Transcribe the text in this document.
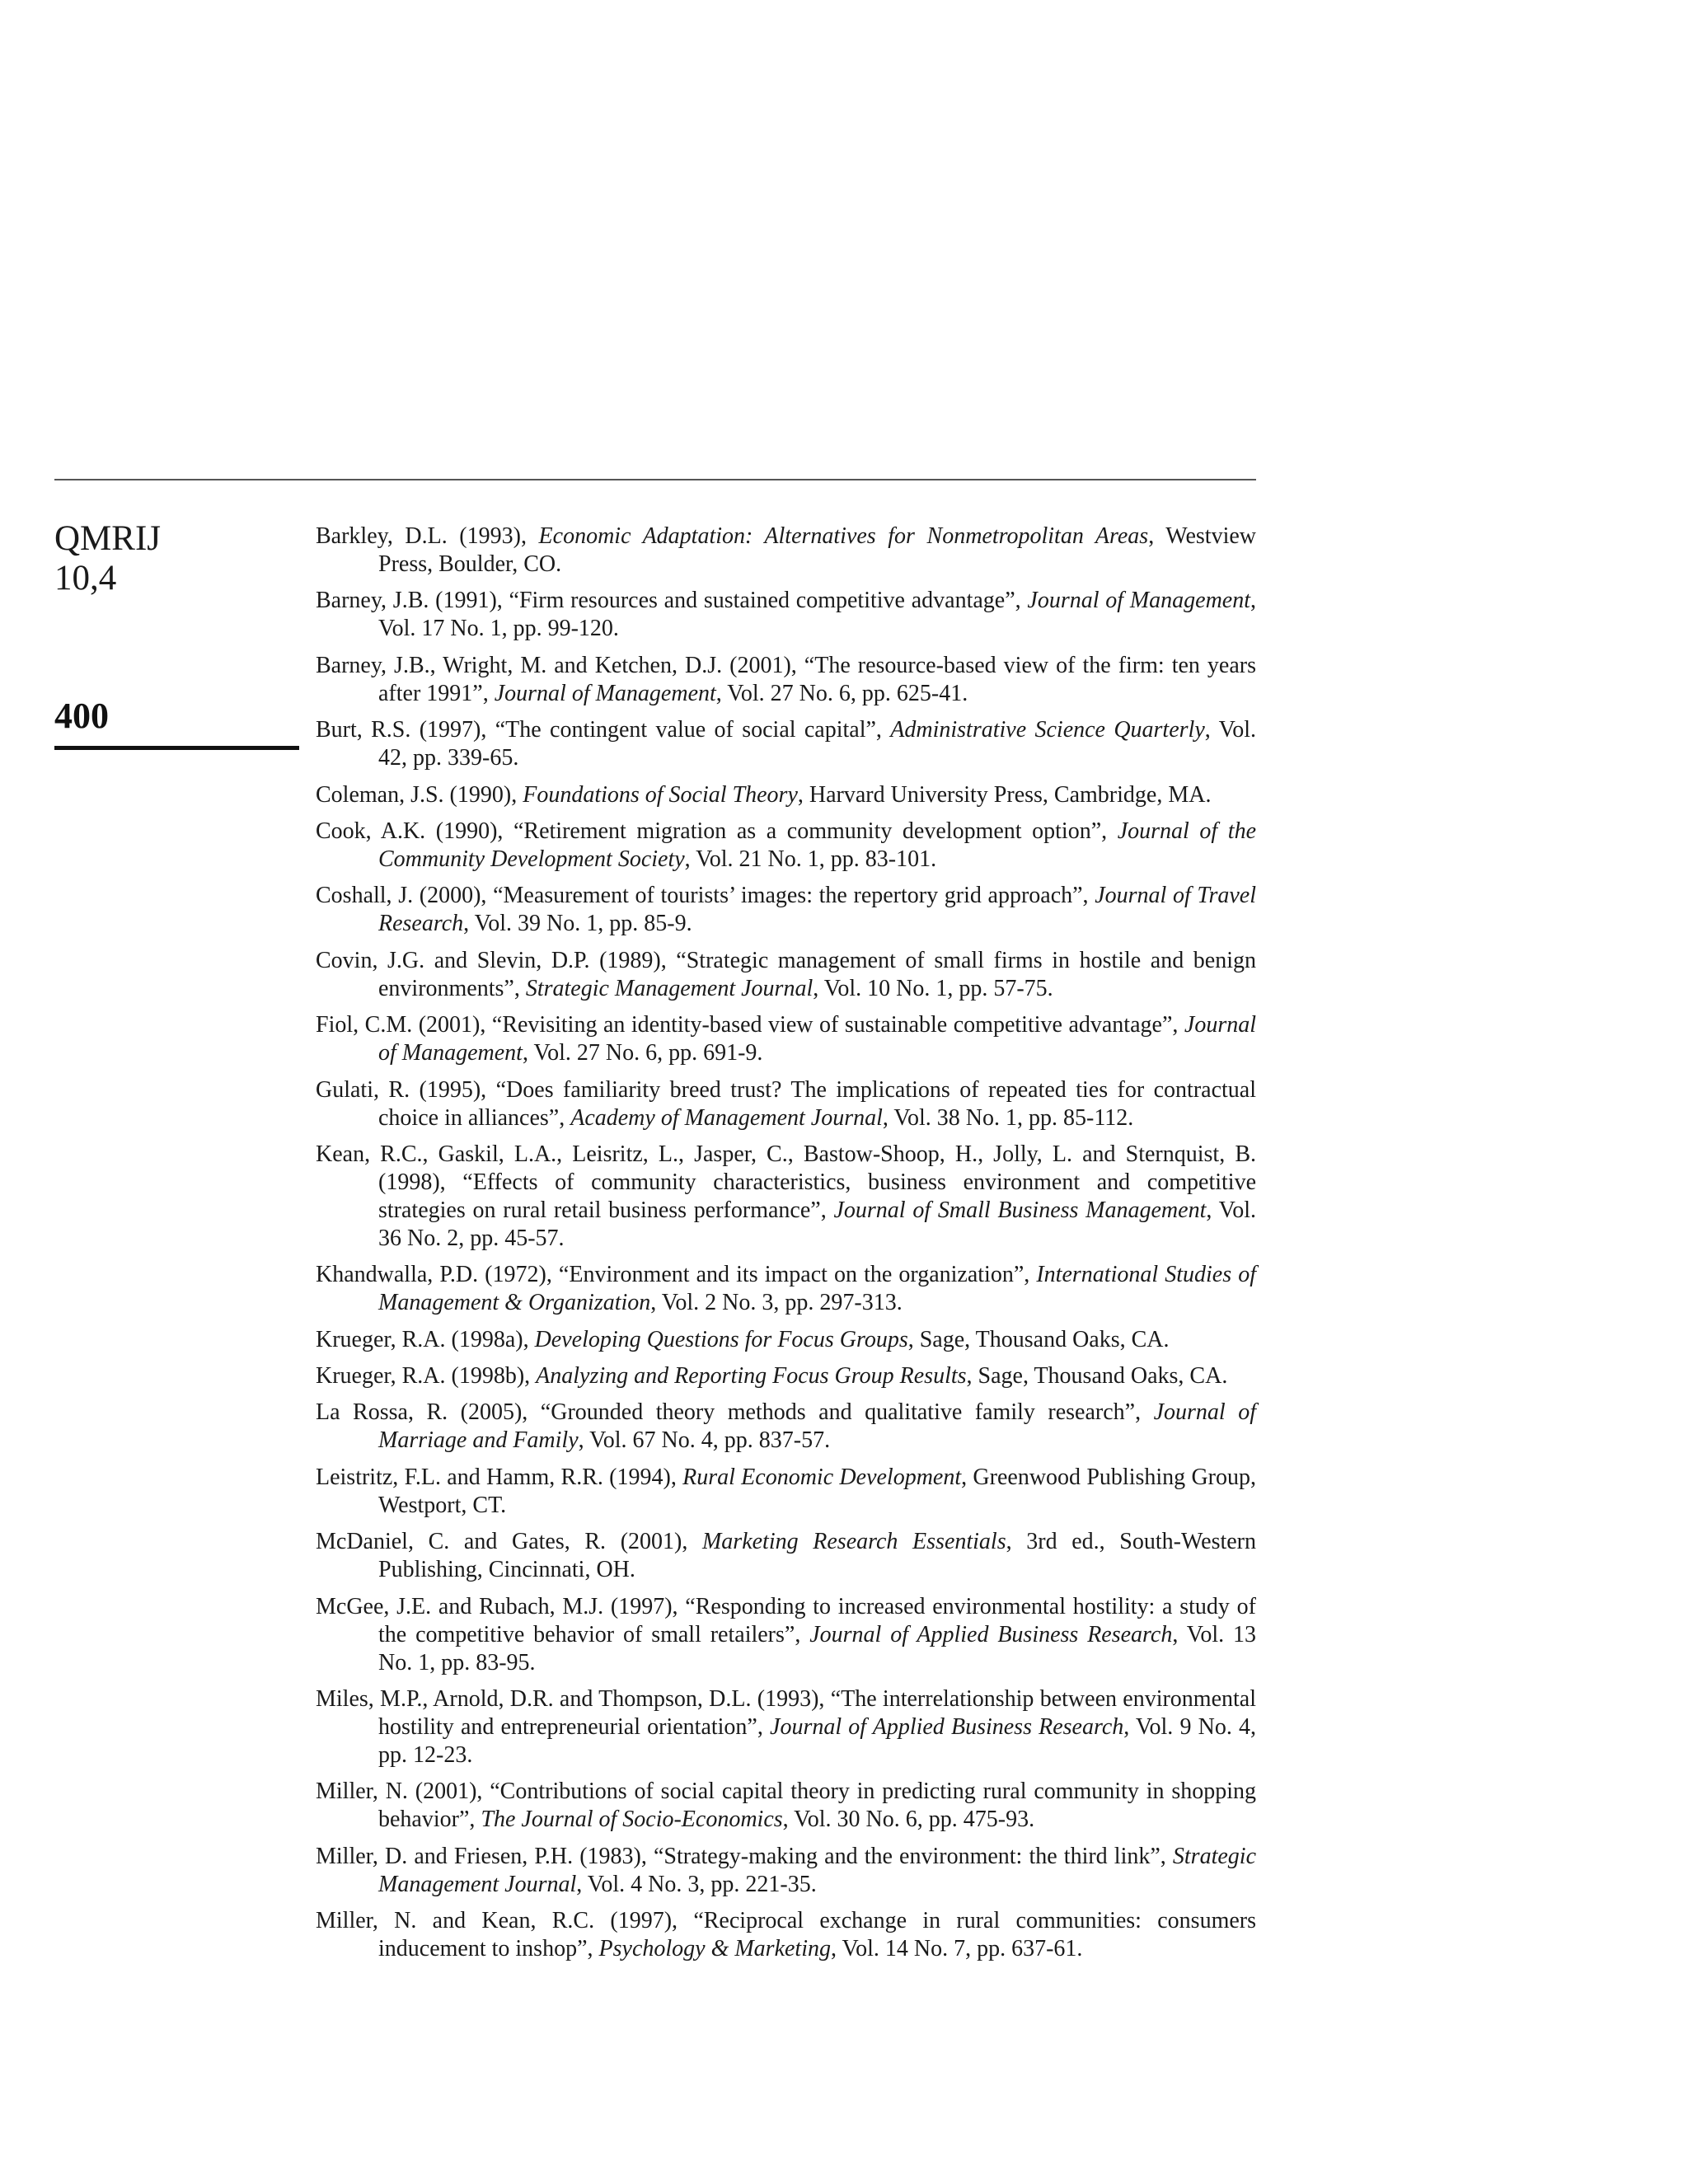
QMRIJ
10,4
400

Barkley, D.L. (1993), Economic Adaptation: Alternatives for Nonmetropolitan Areas, Westview Press, Boulder, CO.

Barney, J.B. (1991), “Firm resources and sustained competitive advantage”, Journal of Management, Vol. 17 No. 1, pp. 99-120.

Barney, J.B., Wright, M. and Ketchen, D.J. (2001), “The resource-based view of the firm: ten years after 1991”, Journal of Management, Vol. 27 No. 6, pp. 625-41.

Burt, R.S. (1997), “The contingent value of social capital”, Administrative Science Quarterly, Vol. 42, pp. 339-65.

Coleman, J.S. (1990), Foundations of Social Theory, Harvard University Press, Cambridge, MA.

Cook, A.K. (1990), “Retirement migration as a community development option”, Journal of the Community Development Society, Vol. 21 No. 1, pp. 83-101.

Coshall, J. (2000), “Measurement of tourists’ images: the repertory grid approach”, Journal of Travel Research, Vol. 39 No. 1, pp. 85-9.

Covin, J.G. and Slevin, D.P. (1989), “Strategic management of small firms in hostile and benign environments”, Strategic Management Journal, Vol. 10 No. 1, pp. 57-75.

Fiol, C.M. (2001), “Revisiting an identity-based view of sustainable competitive advantage”, Journal of Management, Vol. 27 No. 6, pp. 691-9.

Gulati, R. (1995), “Does familiarity breed trust? The implications of repeated ties for contractual choice in alliances”, Academy of Management Journal, Vol. 38 No. 1, pp. 85-112.

Kean, R.C., Gaskil, L.A., Leisritz, L., Jasper, C., Bastow-Shoop, H., Jolly, L. and Sternquist, B. (1998), “Effects of community characteristics, business environment and competitive strategies on rural retail business performance”, Journal of Small Business Management, Vol. 36 No. 2, pp. 45-57.

Khandwalla, P.D. (1972), “Environment and its impact on the organization”, International Studies of Management & Organization, Vol. 2 No. 3, pp. 297-313.

Krueger, R.A. (1998a), Developing Questions for Focus Groups, Sage, Thousand Oaks, CA.

Krueger, R.A. (1998b), Analyzing and Reporting Focus Group Results, Sage, Thousand Oaks, CA.

La Rossa, R. (2005), “Grounded theory methods and qualitative family research”, Journal of Marriage and Family, Vol. 67 No. 4, pp. 837-57.

Leistritz, F.L. and Hamm, R.R. (1994), Rural Economic Development, Greenwood Publishing Group, Westport, CT.

McDaniel, C. and Gates, R. (2001), Marketing Research Essentials, 3rd ed., South-Western Publishing, Cincinnati, OH.

McGee, J.E. and Rubach, M.J. (1997), “Responding to increased environmental hostility: a study of the competitive behavior of small retailers”, Journal of Applied Business Research, Vol. 13 No. 1, pp. 83-95.

Miles, M.P., Arnold, D.R. and Thompson, D.L. (1993), “The interrelationship between environmental hostility and entrepreneurial orientation”, Journal of Applied Business Research, Vol. 9 No. 4, pp. 12-23.

Miller, N. (2001), “Contributions of social capital theory in predicting rural community in shopping behavior”, The Journal of Socio-Economics, Vol. 30 No. 6, pp. 475-93.

Miller, D. and Friesen, P.H. (1983), “Strategy-making and the environment: the third link”, Strategic Management Journal, Vol. 4 No. 3, pp. 221-35.

Miller, N. and Kean, R.C. (1997), “Reciprocal exchange in rural communities: consumers inducement to inshop”, Psychology & Marketing, Vol. 14 No. 7, pp. 637-61.
